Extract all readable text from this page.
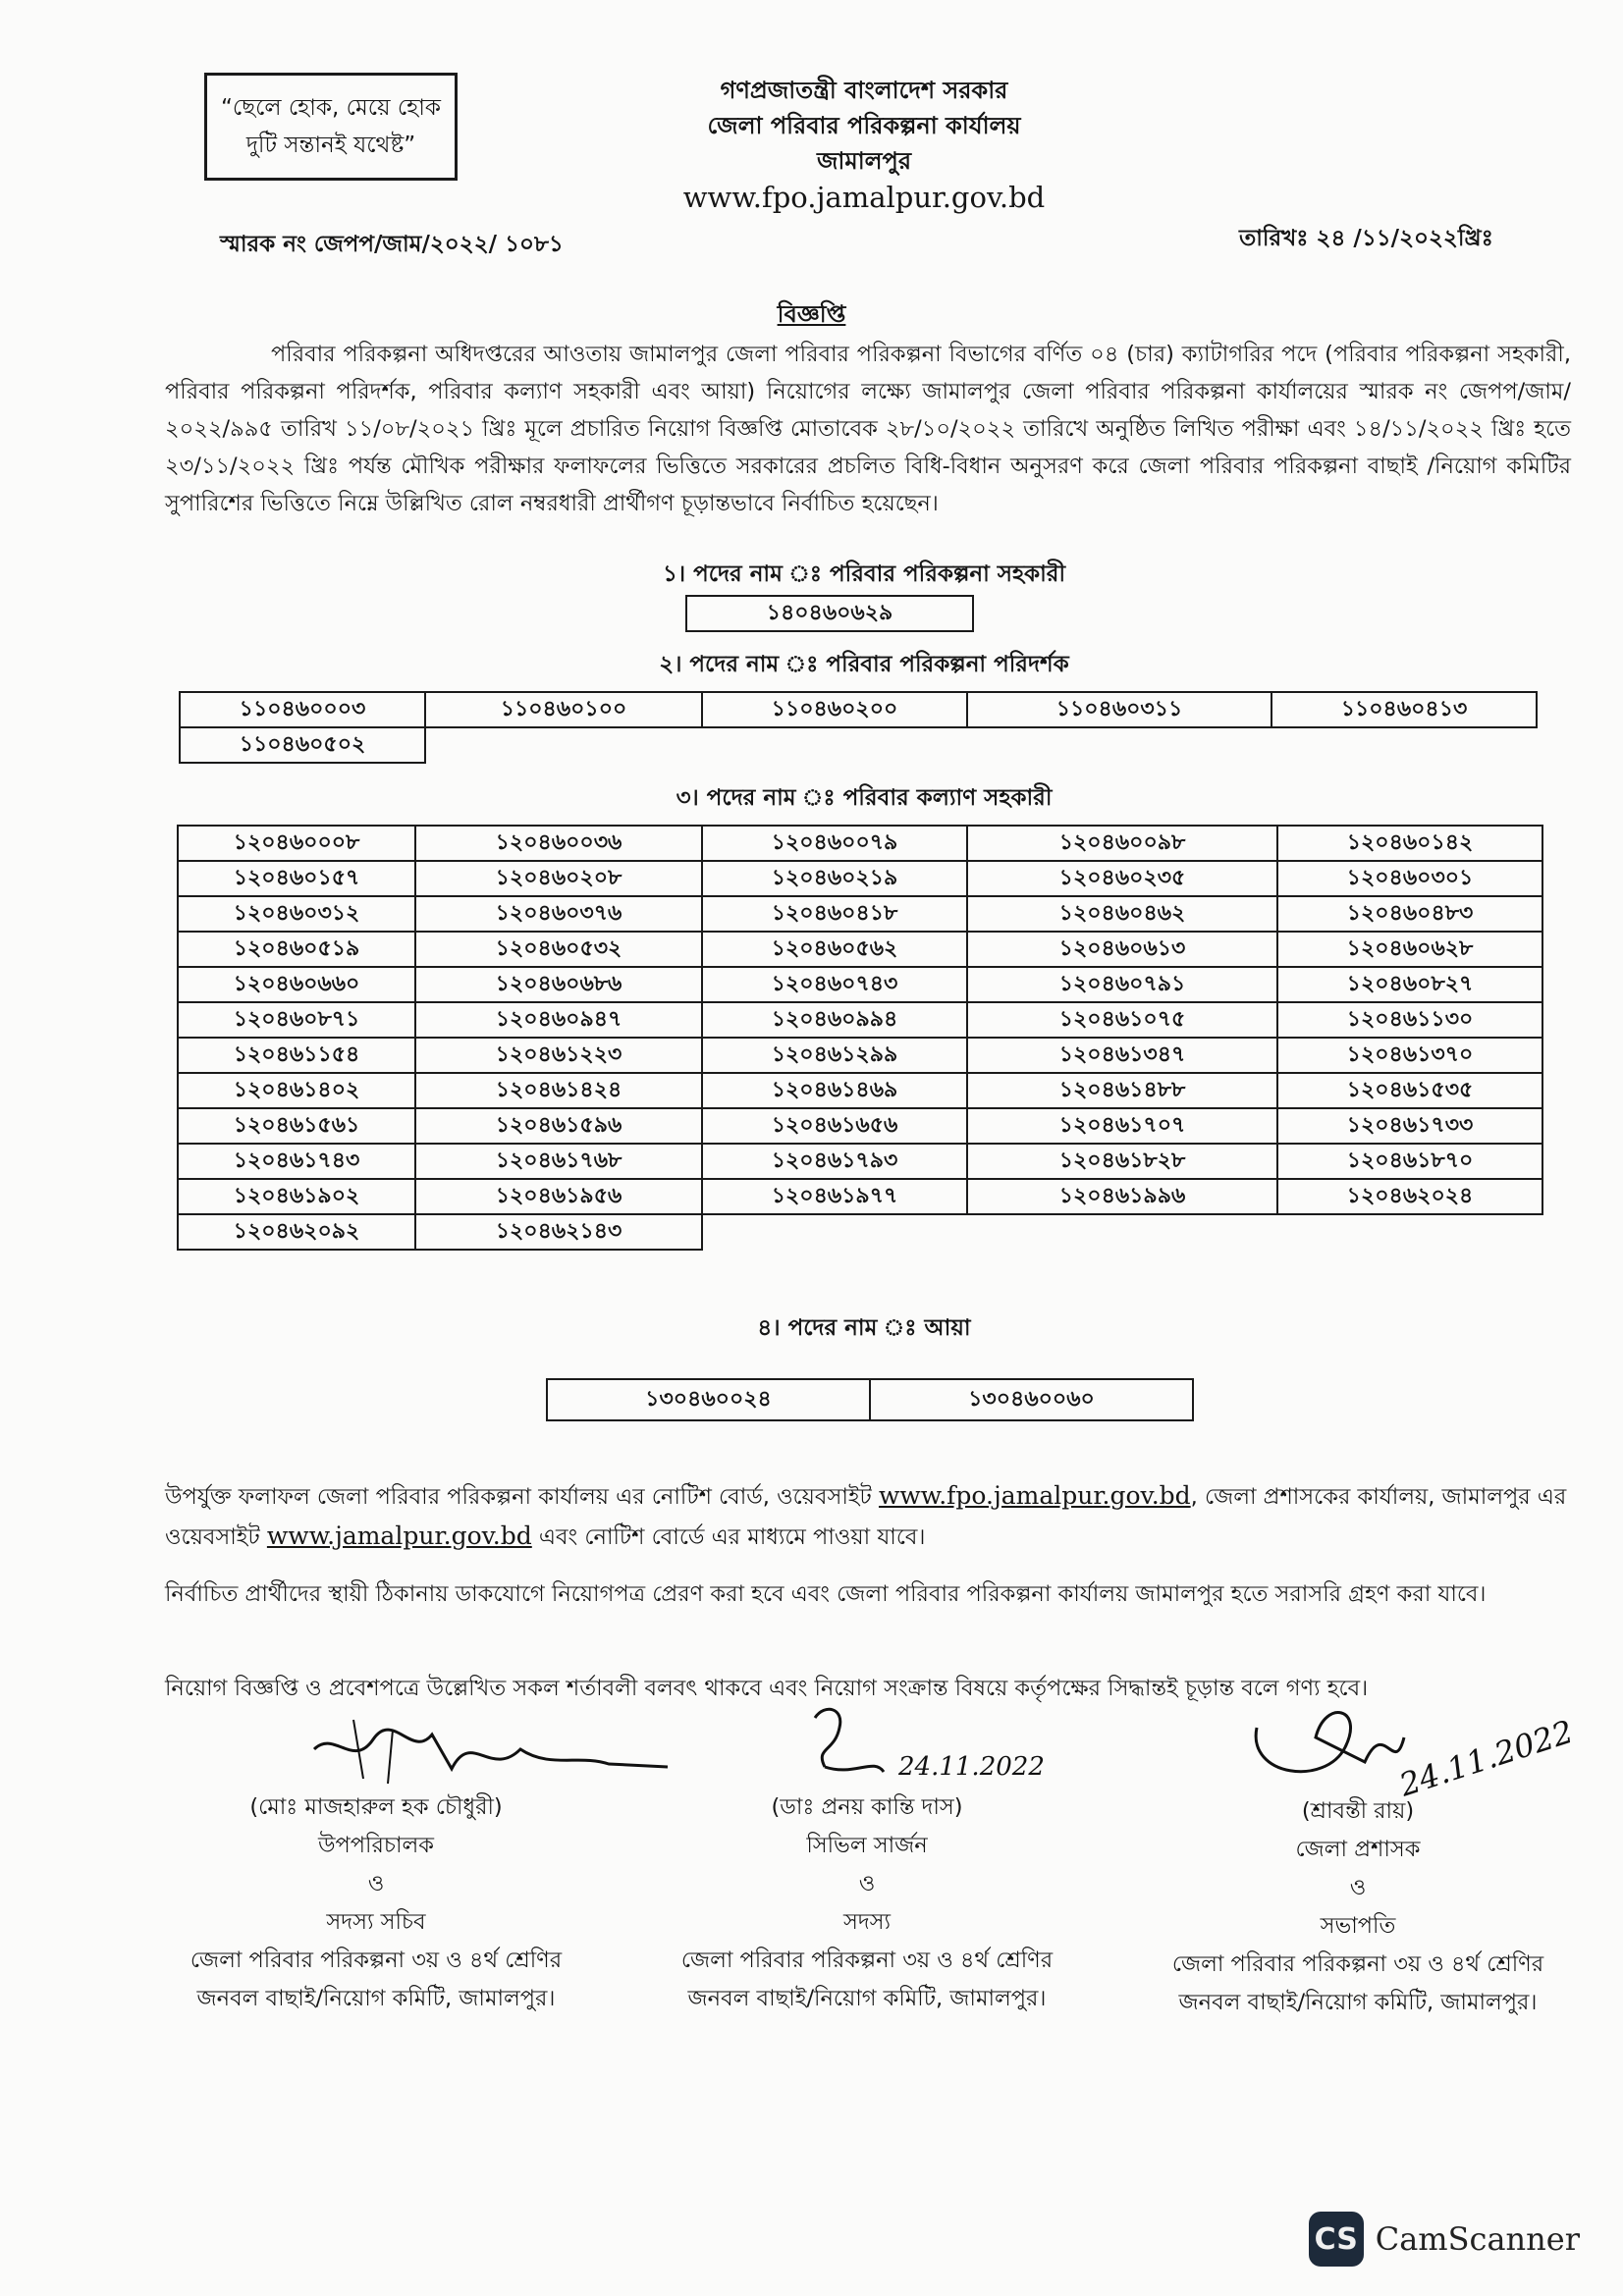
“ছেলে হোক, মেয়ে হোক
দুটি সন্তানই যথেষ্ট”
গণপ্রজাতন্ত্রী বাংলাদেশ সরকার
জেলা পরিবার পরিকল্পনা কার্যালয়
জামালপুর
www.fpo.jamalpur.gov.bd
স্মারক নং জেপপ/জাম/২০২২/ ১০৮১	তারিখঃ ২৪ /১১/২০২২খ্রিঃ
বিজ্ঞপ্তি
পরিবার পরিকল্পনা অধিদপ্তরের আওতায় জামালপুর জেলা পরিবার পরিকল্পনা বিভাগের বর্ণিত ০৪ (চার) ক্যাটাগরির পদে (পরিবার পরিকল্পনা সহকারী, পরিবার পরিকল্পনা পরিদর্শক, পরিবার কল্যাণ সহকারী এবং আয়া) নিয়োগের লক্ষ্যে জামালপুর জেলা পরিবার পরিকল্পনা কার্যালয়ের স্মারক নং জেপপ/জাম/২০২২/৯৯৫ তারিখ ১১/০৮/২০২১ খ্রিঃ মূলে প্রচারিত নিয়োগ বিজ্ঞপ্তি মোতাবেক ২৮/১০/২০২২ তারিখে অনুষ্ঠিত লিখিত পরীক্ষা এবং ১৪/১১/২০২২ খ্রিঃ হতে ২৩/১১/২০২২ খ্রিঃ পর্যন্ত মৌখিক পরীক্ষার ফলাফলের ভিত্তিতে সরকারের প্রচলিত বিধি-বিধান অনুসরণ করে জেলা পরিবার পরিকল্পনা বাছাই /নিয়োগ কমিটির সুপারিশের ভিত্তিতে নিম্নে উল্লিখিত রোল নম্বরধারী প্রার্থীগণ চূড়ান্তভাবে নির্বাচিত হয়েছেন।
১। পদের নাম ঃ পরিবার পরিকল্পনা সহকারী
১৪০৪৬০৬২৯
২। পদের নাম ঃ পরিবার পরিকল্পনা পরিদর্শক
১১০৪৬০০০৩	১১০৪৬০১০০	১১০৪৬০২০০	১১০৪৬০৩১১	১১০৪৬০৪১৩
১১০৪৬০৫০২				
৩। পদের নাম ঃ পরিবার কল্যাণ সহকারী
১২০৪৬০০০৮	১২০৪৬০০৩৬	১২০৪৬০০৭৯	১২০৪৬০০৯৮	১২০৪৬০১৪২
১২০৪৬০১৫৭	১২০৪৬০২০৮	১২০৪৬০২১৯	১২০৪৬০২৩৫	১২০৪৬০৩০১
১২০৪৬০৩১২	১২০৪৬০৩৭৬	১২০৪৬০৪১৮	১২০৪৬০৪৬২	১২০৪৬০৪৮৩
১২০৪৬০৫১৯	১২০৪৬০৫৩২	১২০৪৬০৫৬২	১২০৪৬০৬১৩	১২০৪৬০৬২৮
১২০৪৬০৬৬০	১২০৪৬০৬৮৬	১২০৪৬০৭৪৩	১২০৪৬০৭৯১	১২০৪৬০৮২৭
১২০৪৬০৮৭১	১২০৪৬০৯৪৭	১২০৪৬০৯৯৪	১২০৪৬১০৭৫	১২০৪৬১১৩০
১২০৪৬১১৫৪	১২০৪৬১২২৩	১২০৪৬১২৯৯	১২০৪৬১৩৪৭	১২০৪৬১৩৭০
১২০৪৬১৪০২	১২০৪৬১৪২৪	১২০৪৬১৪৬৯	১২০৪৬১৪৮৮	১২০৪৬১৫৩৫
১২০৪৬১৫৬১	১২০৪৬১৫৯৬	১২০৪৬১৬৫৬	১২০৪৬১৭০৭	১২০৪৬১৭৩৩
১২০৪৬১৭৪৩	১২০৪৬১৭৬৮	১২০৪৬১৭৯৩	১২০৪৬১৮২৮	১২০৪৬১৮৭০
১২০৪৬১৯০২	১২০৪৬১৯৫৬	১২০৪৬১৯৭৭	১২০৪৬১৯৯৬	১২০৪৬২০২৪
১২০৪৬২০৯২	১২০৪৬২১৪৩			
৪। পদের নাম ঃ আয়া
১৩০৪৬০০২৪	১৩০৪৬০০৬০
উপর্যুক্ত ফলাফল জেলা পরিবার পরিকল্পনা কার্যালয় এর নোটিশ বোর্ড, ওয়েবসাইট www.fpo.jamalpur.gov.bd, জেলা প্রশাসকের কার্যালয়, জামালপুর এর ওয়েবসাইট www.jamalpur.gov.bd এবং নোটিশ বোর্ডে এর মাধ্যমে পাওয়া যাবে।
নির্বাচিত প্রার্থীদের স্থায়ী ঠিকানায় ডাকযোগে নিয়োগপত্র প্রেরণ করা হবে এবং জেলা পরিবার পরিকল্পনা কার্যালয় জামালপুর হতে সরাসরি গ্রহণ করা যাবে।
নিয়োগ বিজ্ঞপ্তি ও প্রবেশপত্রে উল্লেখিত সকল শর্তাবলী বলবৎ থাকবে এবং নিয়োগ সংক্রান্ত বিষয়ে কর্তৃপক্ষের সিদ্ধান্তই চূড়ান্ত বলে গণ্য হবে।
24.11.2022	24.11.2022
(মোঃ মাজহারুল হক চৌধুরী)
উপপরিচালক
ও
সদস্য সচিব
জেলা পরিবার পরিকল্পনা ৩য় ও ৪র্থ শ্রেণির
জনবল বাছাই/নিয়োগ কমিটি, জামালপুর।
(ডাঃ প্রনয় কান্তি দাস)
সিভিল সার্জন
ও
সদস্য
জেলা পরিবার পরিকল্পনা ৩য় ও ৪র্থ শ্রেণির
জনবল বাছাই/নিয়োগ কমিটি, জামালপুর।
(শ্রাবন্তী রায়)
জেলা প্রশাসক
ও
সভাপতি
জেলা পরিবার পরিকল্পনা ৩য় ও ৪র্থ শ্রেণির
জনবল বাছাই/নিয়োগ কমিটি, জামালপুর।
CS CamScanner
